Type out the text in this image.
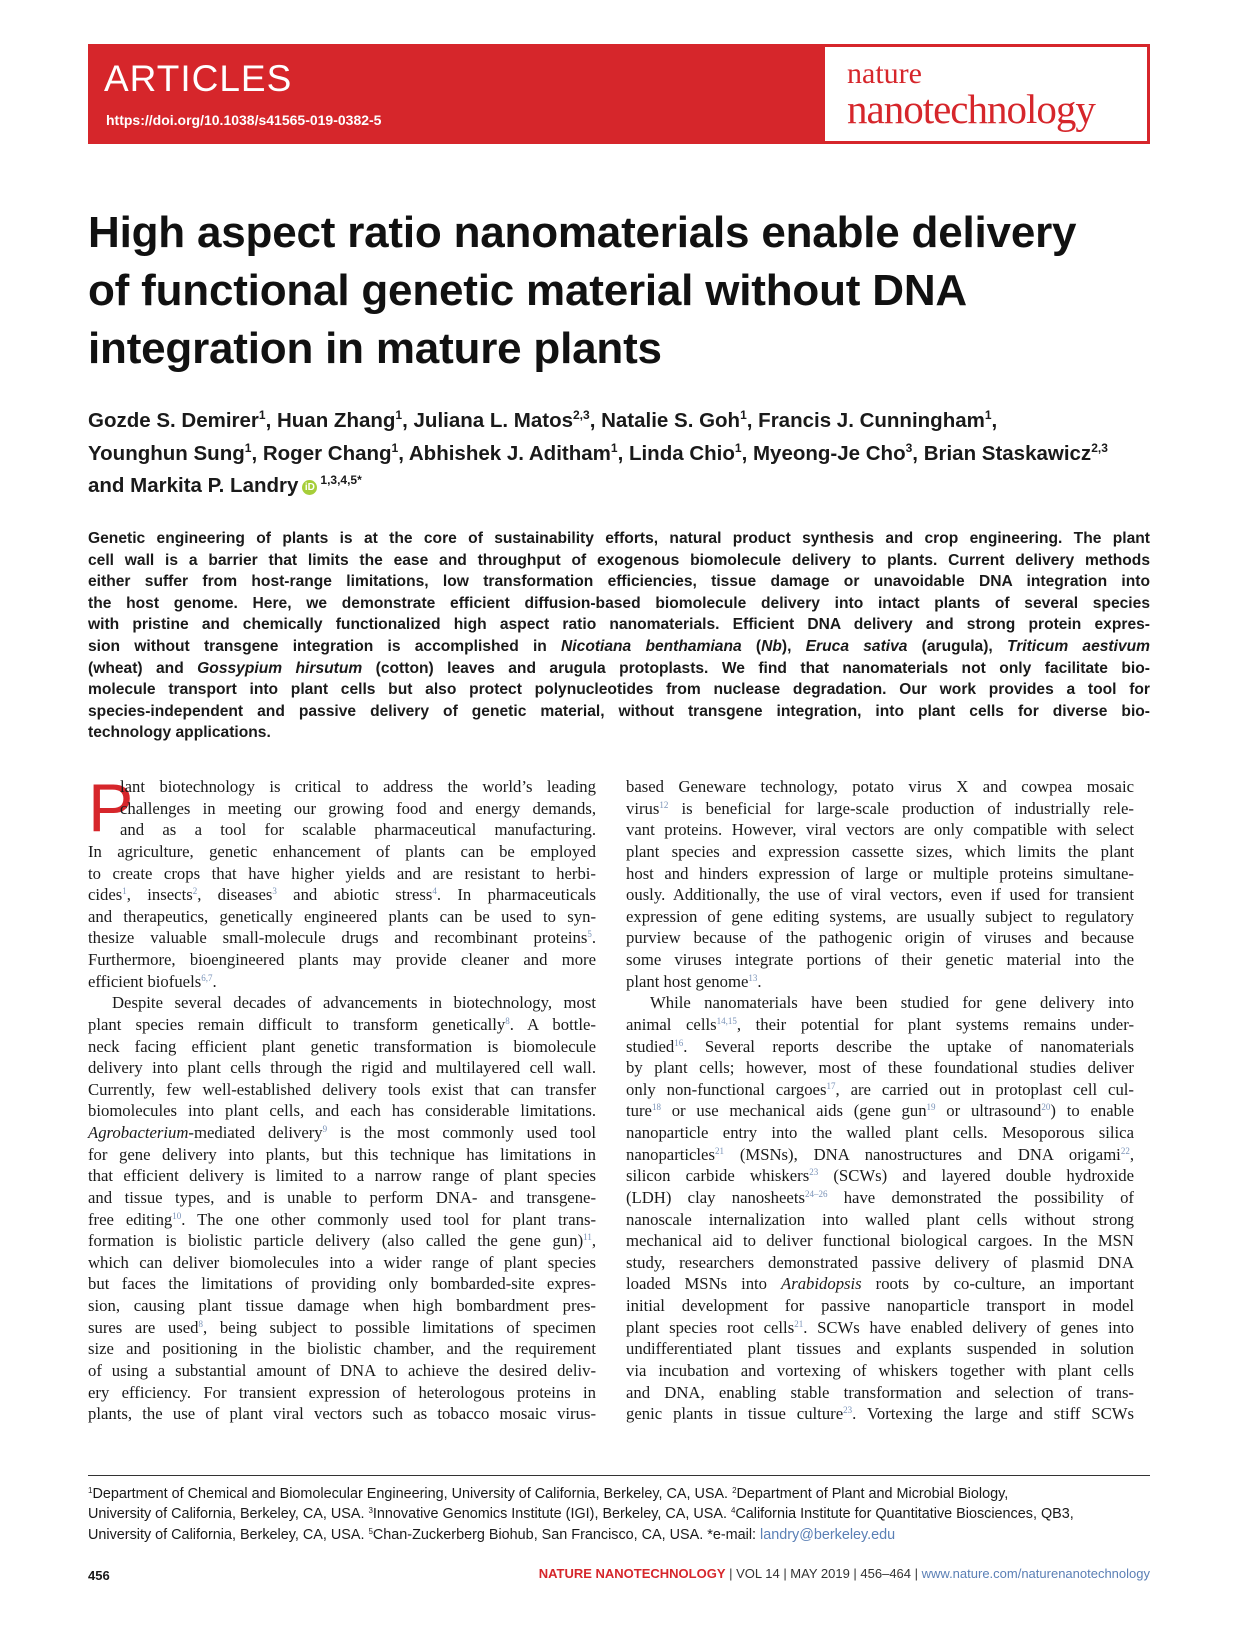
ARTICLES
https://doi.org/10.1038/s41565-019-0382-5
nature
nanotechnology
High aspect ratio nanomaterials enable delivery
of functional genetic material without DNA
integration in mature plants
Gozde S. Demirer$^1$, Huan Zhang$^1$, Juliana L. Matos$^{2,3}$, Natalie S. Goh$^1$, Francis J. Cunningham$^1$,
Younghun Sung$^1$, Roger Chang$^1$, Abhishek J. Aditham$^1$, Linda Chio$^1$, Myeong-Je Cho$^3$, Brian Staskawicz$^{2,3}$
and Markita P. Landry $iD^{1,3,4,5*}$
Genetic engineering of plants is at the core of sustainability efforts, natural product synthesis and crop engineering. The plant
cell wall is a barrier that limits the ease and throughput of exogenous biomolecule delivery to plants. Current delivery methods
either suffer from host-range limitations, low transformation efficiencies, tissue damage or unavoidable DNA integration into
the host genome. Here, we demonstrate efficient diffusion-based biomolecule delivery into intact plants of several species
with pristine and chemically functionalized high aspect ratio nanomaterials. Efficient DNA delivery and strong protein expres-
sion without transgene integration is accomplished in Nicotiana benthamiana (Nb), Eruca sativa (arugula), Triticum aestivum
(wheat) and Gossypium hirsutum (cotton) leaves and arugula protoplasts. We find that nanomaterials not only facilitate bio-
molecule transport into plant cells but also protect polynucleotides from nuclease degradation. Our work provides a tool for
species-independent and passive delivery of genetic material, without transgene integration, into plant cells for diverse bio-
technology applications.
P
lant biotechnology is critical to address the world’s leading
challenges in meeting our growing food and energy demands,
and as a tool for scalable pharmaceutical manufacturing.
In agriculture, genetic enhancement of plants can be employed
to create crops that have higher yields and are resistant to herbi-
cides$^1$, insects$^2$, diseases$^3$ and abiotic stress$^4$. In pharmaceuticals
and therapeutics, genetically engineered plants can be used to syn-
thesize valuable small-molecule drugs and recombinant proteins$^5$.
Furthermore, bioengineered plants may provide cleaner and more
efficient biofuels$^{6,7}$.
Despite several decades of advancements in biotechnology, most
plant species remain difficult to transform genetically$^8$. A bottle-
neck facing efficient plant genetic transformation is biomolecule
delivery into plant cells through the rigid and multilayered cell wall.
Currently, few well-established delivery tools exist that can transfer
biomolecules into plant cells, and each has considerable limitations.
Agrobacterium-mediated delivery$^9$ is the most commonly used tool
for gene delivery into plants, but this technique has limitations in
that efficient delivery is limited to a narrow range of plant species
and tissue types, and is unable to perform DNA- and transgene-
free editing$^{10}$. The one other commonly used tool for plant trans-
formation is biolistic particle delivery (also called the gene gun)$^{11}$,
which can deliver biomolecules into a wider range of plant species
but faces the limitations of providing only bombarded-site expres-
sion, causing plant tissue damage when high bombardment pres-
sures are used$^8$, being subject to possible limitations of specimen
size and positioning in the biolistic chamber, and the requirement
of using a substantial amount of DNA to achieve the desired deliv-
ery efficiency. For transient expression of heterologous proteins in
plants, the use of plant viral vectors such as tobacco mosaic virus-
based Geneware technology, potato virus X and cowpea mosaic
virus$^{12}$ is beneficial for large-scale production of industrially rele-
vant proteins. However, viral vectors are only compatible with select
plant species and expression cassette sizes, which limits the plant
host and hinders expression of large or multiple proteins simultane-
ously. Additionally, the use of viral vectors, even if used for transient
expression of gene editing systems, are usually subject to regulatory
purview because of the pathogenic origin of viruses and because
some viruses integrate portions of their genetic material into the
plant host genome$^{13}$.
While nanomaterials have been studied for gene delivery into
animal cells$^{14,15}$, their potential for plant systems remains under-
studied$^{16}$. Several reports describe the uptake of nanomaterials
by plant cells; however, most of these foundational studies deliver
only non-functional cargoes$^{17}$, are carried out in protoplast cell cul-
ture$^{18}$ or use mechanical aids (gene gun$^{19}$ or ultrasound$^{20}$) to enable
nanoparticle entry into the walled plant cells. Mesoporous silica
nanoparticles$^{21}$ (MSNs), DNA nanostructures and DNA origami$^{22}$,
silicon carbide whiskers$^{23}$ (SCWs) and layered double hydroxide
(LDH) clay nanosheets$^{24-26}$ have demonstrated the possibility of
nanoscale internalization into walled plant cells without strong
mechanical aid to deliver functional biological cargoes. In the MSN
study, researchers demonstrated passive delivery of plasmid DNA
loaded MSNs into Arabidopsis roots by co-culture, an important
initial development for passive nanoparticle transport in model
plant species root cells$^{21}$. SCWs have enabled delivery of genes into
undifferentiated plant tissues and explants suspended in solution
via incubation and vortexing of whiskers together with plant cells
and DNA, enabling stable transformation and selection of trans-
genic plants in tissue culture$^{23}$. Vortexing the large and stiff SCWs
$^1$Department of Chemical and Biomolecular Engineering, University of California, Berkeley, CA, USA. $^2$Department of Plant and Microbial Biology,
University of California, Berkeley, CA, USA. $^3$Innovative Genomics Institute (IGI), Berkeley, CA, USA. $^4$California Institute for Quantitative Biosciences, QB3,
University of California, Berkeley, CA, USA. $^5$Chan-Zuckerberg Biohub, San Francisco, CA, USA. *e-mail: landry@berkeley.edu
456	NATURE NANOTECHNOLOGY | VOL 14 | MAY 2019 | 456–464 | www.nature.com/naturenanotechnology
